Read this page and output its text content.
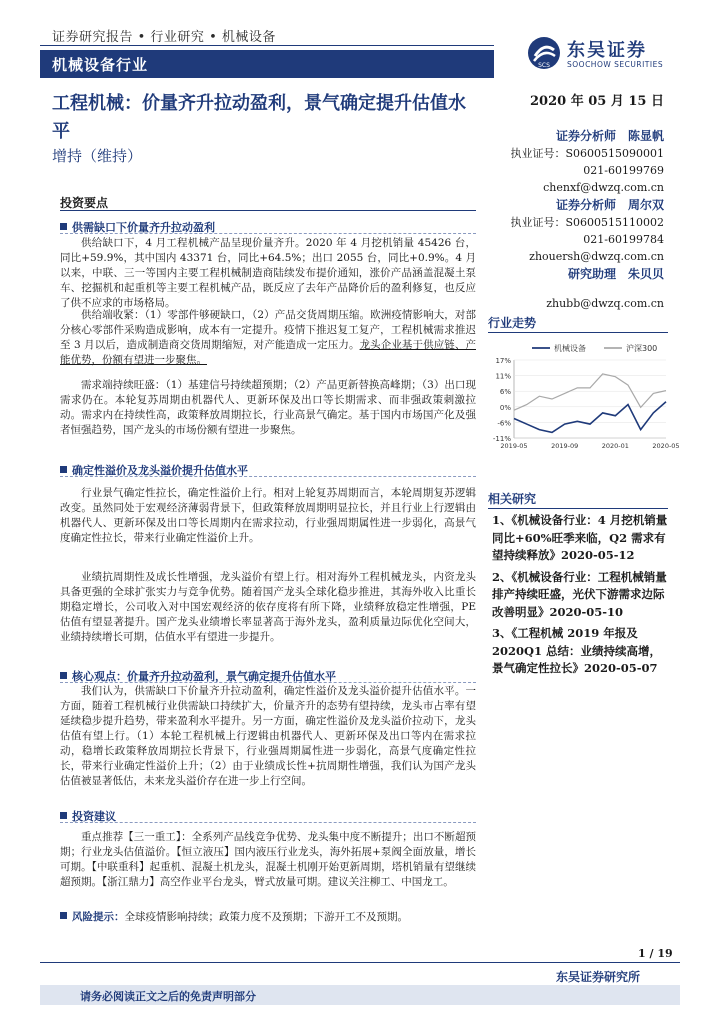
证券研究报告 • 行业研究 • 机械设备
机械设备行业	SCS
东吴证券
SOOCHOW SECURITIES
工程机械：价量齐升拉动盈利，景气确定提升估值水平
增持（维持）
2020 年 05 月 15 日
证券分析师　陈显帆
执业证号：S0600515090001
021-60199769
chenxf@dwzq.com.cn
证券分析师　周尔双
执业证号：S0600515110002
021-60199784
zhouersh@dwzq.com.cn
研究助理　朱贝贝
zhubb@dwzq.com.cn
行业走势
17%
11%
6%
0%
-6%
-11%
2019-05	2019-09	2020-01	2020-05
机械设备	沪深300
相关研究
1、《机械设备行业：4 月挖机销量同比+60%旺季来临，Q2 需求有望持续释放》2020-05-12
2、《机械设备行业：工程机械销量排产持续旺盛，光伏下游需求边际改善明显》2020-05-10
3、《工程机械 2019 年报及 2020Q1 总结：业绩持续高增，景气确定性拉长》2020-05-07
投资要点
供需缺口下价量齐升拉动盈利
供给缺口下，4 月工程机械产品呈现价量齐升。2020 年 4 月挖机销量 45426 台，同比+59.9%，其中国内 43371 台，同比+64.5%；出口 2055 台，同比+0.9%。4 月以来，中联、三一等国内主要工程机械制造商陆续发布提价通知，涨价产品涵盖混凝土泵车、挖掘机和起重机等主要工程机械产品，既反应了去年产品降价后的盈利修复，也反应了供不应求的市场格局。
供给端收紧：（1）零部件够硬缺口，（2）产品交货周期压缩。欧洲疫情影响大，对部分核心零部件采购造成影响，成本有一定提升。疫情下推迟复工复产，工程机械需求推迟至 3 月以后，造成制造商交货周期缩短，对产能造成一定压力。龙头企业基于供应链、产能优势，份额有望进一步聚焦。
需求端持续旺盛：（1）基建信号持续超预期；（2）产品更新替换高峰期；（3）出口现需求仍在。本轮复苏周期由机器代人、更新环保及出口等长期需求、而非强政策刺激拉动。需求内在持续性高，政策释放周期拉长，行业高景气确定。基于国内市场国产化及强者恒强趋势，国产龙头的市场份额有望进一步聚焦。
确定性溢价及龙头溢价提升估值水平
行业景气确定性拉长，确定性溢价上行。相对上轮复苏周期而言，本轮周期复苏逻辑改变。虽然同处于宏观经济薄弱背景下，但政策释放周期明显拉长，并且行业上行逻辑由机器代人、更新环保及出口等长周期内在需求拉动，行业强周期属性进一步弱化，高景气度确定性拉长，带来行业确定性溢价上升。
业绩抗周期性及成长性增强，龙头溢价有望上行。相对海外工程机械龙头，内资龙头具备更强的全球扩张实力与竞争优势。随着国产龙头全球化稳步推进，其海外收入比重长期稳定增长，公司收入对中国宏观经济的依存度将有所下降，业绩释放稳定性增强，PE 估值有望显著提升。国产龙头业绩增长率显著高于海外龙头，盈利质量边际优化空间大，业绩持续增长可期，估值水平有望进一步提升。
核心观点：价量齐升拉动盈利，景气确定提升估值水平
我们认为，供需缺口下价量齐升拉动盈利，确定性溢价及龙头溢价提升估值水平。一方面，随着工程机械行业供需缺口持续扩大，价量齐升的态势有望持续，龙头市占率有望延续稳步提升趋势，带来盈利水平提升。另一方面，确定性溢价及龙头溢价拉动下，龙头估值有望上行。（1）本轮工程机械上行逻辑由机器代人、更新环保及出口等内在需求拉动，稳增长政策释放周期拉长背景下，行业强周期属性进一步弱化，高景气度确定性拉长，带来行业确定性溢价上升；（2）由于业绩成长性+抗周期性增强，我们认为国产龙头估值被显著低估，未来龙头溢价存在进一步上行空间。
投资建议
重点推荐【三一重工】：全系列产品线竞争优势、龙头集中度不断提升；出口不断超预期；行业龙头估值溢价。【恒立液压】国内液压行业龙头，海外拓展+泵阀全面放量，增长可期。【中联重科】起重机、混凝土机龙头，混凝土机刚开始更新周期，塔机销量有望继续超预期。【浙江鼎力】高空作业平台龙头，臂式放量可期。建议关注柳工、中国龙工。
风险提示：全球疫情影响持续；政策力度不及预期；下游开工不及预期。
1 / 19
东吴证券研究所
请务必阅读正文之后的免责声明部分
